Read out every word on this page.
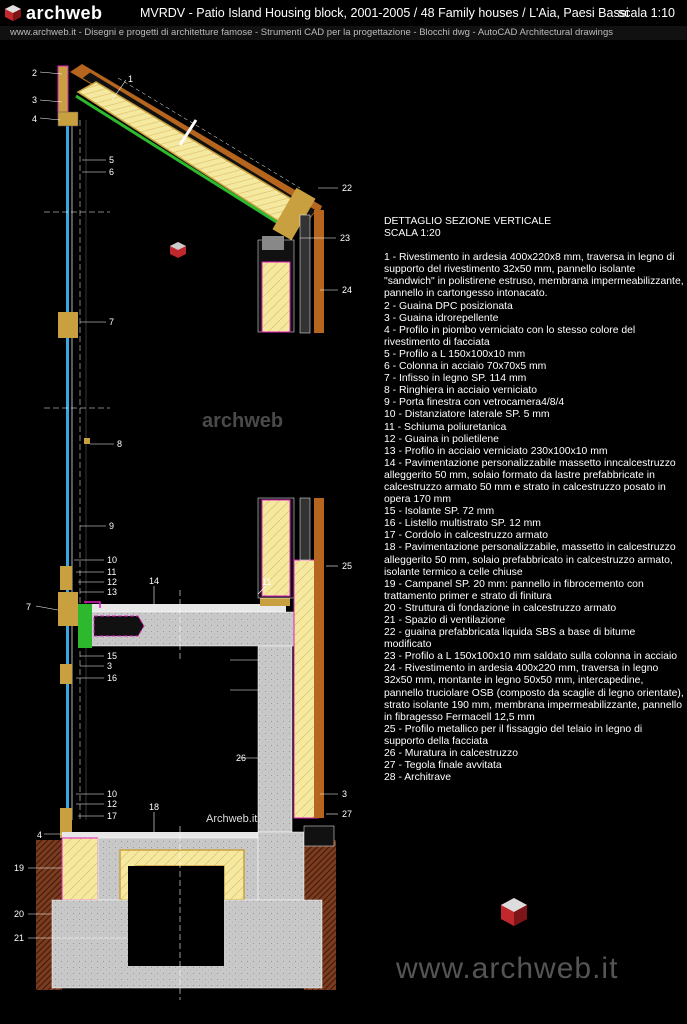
archweb	MVRDV - Patio Island Housing block, 2001-2005 / 48 Family houses / L'Aia, Paesi Bassi
scala 1:10
www.archweb.it - Disegni e progetti di architetture famose - Strumenti CAD per la progettazione - Blocchi dwg - AutoCAD Architectural drawings
2
3
4
1
5
6
7
8
9
10
11
12
13
7
14
15
3
16
10
12
17
18
4
19
20
21
22
23
24
11
25
26
3
27
archweb
Archweb.it
www.archweb.it
DETTAGLIO SEZIONE VERTICALE
SCALA 1:20
1 - Rivestimento in ardesia 400x220x8 mm, traversa in legno di supporto del rivestimento 32x50 mm, pannello isolante "sandwich" in polistirene estruso, membrana impermeabilizzante, pannello in cartongesso intonacato.
2 - Guaina DPC posizionata
3 - Guaina idrorepellente
4 - Profilo in piombo verniciato con lo stesso colore del rivestimento di facciata
5 - Profilo a L 150x100x10 mm
6 - Colonna in acciaio 70x70x5 mm
7 - Infisso in legno SP. 114 mm
8 - Ringhiera in acciaio verniciato
9 - Porta finestra con vetrocamera4/8/4
10 - Distanziatore laterale SP. 5 mm
11 - Schiuma poliuretanica
12 - Guaina in polietilene
13 - Profilo in acciaio verniciato 230x100x10 mm
14 - Pavimentazione personalizzabile massetto inncalcestruzzo alleggerito 50 mm, solaio formato da lastre prefabbricate in calcestruzzo armato 50 mm e strato in calcestruzzo posato in opera 170 mm
15 - Isolante SP. 72 mm
16 - Listello multistrato SP. 12 mm
17 - Cordolo in calcestruzzo armato
18 - Pavimentazione personalizzabile, massetto in calcestruzzo alleggerito 50 mm, solaio prefabbricato in calcestruzzo armato, isolante termico a celle chiuse
19 - Campanel SP. 20 mm: pannello in fibrocemento con trattamento primer e strato di finitura
20 - Struttura di fondazione in calcestruzzo armato
21 - Spazio di ventilazione
22 - guaina prefabbricata liquida SBS a base di bitume modificato
23 - Profilo a L 150x100x10 mm saldato sulla colonna in acciaio
24 - Rivestimento in ardesia 400x220 mm, traversa in legno 32x50 mm, montante in legno 50x50 mm, intercapedine, pannello truciolare OSB (composto da scaglie di legno orientate), strato isolante 190 mm, membrana impermeabilizzante, pannello in fibragesso Fermacell 12,5 mm
25 - Profilo metallico per il fissaggio del telaio in legno di supporto della facciata
26 - Muratura in calcestruzzo
27 - Tegola finale avvitata
28 - Architrave
